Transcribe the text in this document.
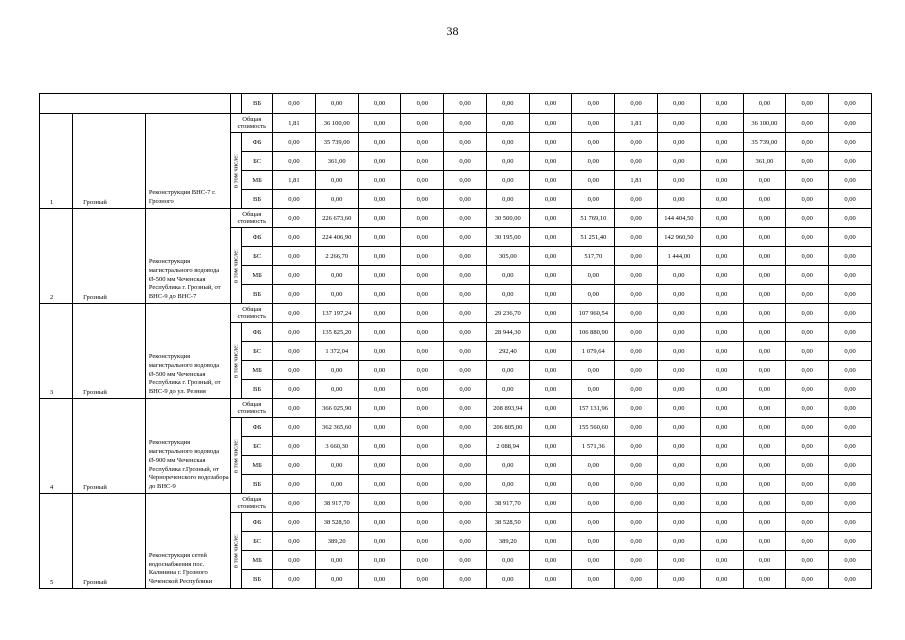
38
				ВБ	0,00	0,00	0,00	0,00	0,00	0,00	0,00	0,00	0,00	0,00	0,00	0,00	0,00	0,00
1	Грозный	Реконструкция ВНС-7 г. Грозного	Общая стоимость		1,81	36 100,00	0,00	0,00	0,00	0,00	0,00	0,00	1,81	0,00	0,00	36 100,00	0,00	0,00

			в том числе:	ФБ	0,00	35 739,00	0,00	0,00	0,00	0,00	0,00	0,00	0,00	0,00	0,00	35 739,00	0,00	0,00
				БС	0,00	361,00	0,00	0,00	0,00	0,00	0,00	0,00	0,00	0,00	0,00	361,00	0,00	0,00
				МБ	1,81	0,00	0,00	0,00	0,00	0,00	0,00	0,00	1,81	0,00	0,00	0,00	0,00	0,00
				ВБ	0,00	0,00	0,00	0,00	0,00	0,00	0,00	0,00	0,00	0,00	0,00	0,00	0,00	0,00
2	Грозный	Реконструкция магистрального водовода Ø-500 мм Чеченская Республика г. Грозный, от ВНС-9 до ВНС-7	Общая стоимость		0,00	226 673,60	0,00	0,00	0,00	30 500,00	0,00	51 769,10	0,00	144 404,50	0,00	0,00	0,00	0,00

			в том числе:	ФБ	0,00	224 406,90	0,00	0,00	0,00	30 195,00	0,00	51 251,40	0,00	142 960,50	0,00	0,00	0,00	0,00
				БС	0,00	2 266,70	0,00	0,00	0,00	305,00	0,00	517,70	0,00	1 444,00	0,00	0,00	0,00	0,00
				МБ	0,00	0,00	0,00	0,00	0,00	0,00	0,00	0,00	0,00	0,00	0,00	0,00	0,00	0,00
				ВБ	0,00	0,00	0,00	0,00	0,00	0,00	0,00	0,00	0,00	0,00	0,00	0,00	0,00	0,00
3	Грозный	Реконструкция магистрального водовода Ø-500 мм Чеченская Республика г. Грозный, от ВНС-9 до ул. Резния	Общая стоимость		0,00	137 197,24	0,00	0,00	0,00	29 236,70	0,00	107 960,54	0,00	0,00	0,00	0,00	0,00	0,00

			в том числе:	ФБ	0,00	135 825,20	0,00	0,00	0,00	28 944,30	0,00	106 880,90	0,00	0,00	0,00	0,00	0,00	0,00
				БС	0,00	1 372,04	0,00	0,00	0,00	292,40	0,00	1 079,64	0,00	0,00	0,00	0,00	0,00	0,00
				МБ	0,00	0,00	0,00	0,00	0,00	0,00	0,00	0,00	0,00	0,00	0,00	0,00	0,00	0,00
				ВБ	0,00	0,00	0,00	0,00	0,00	0,00	0,00	0,00	0,00	0,00	0,00	0,00	0,00	0,00
4	Грозный	Реконструкция магистрального водовода Ø-900 мм Чеченская Республика г.Грозный, от Чернореченского водозабора до ВНС-9	Общая стоимость		0,00	366 025,90	0,00	0,00	0,00	208 893,94	0,00	157 131,96	0,00	0,00	0,00	0,00	0,00	0,00

			в том числе:	ФБ	0,00	362 365,60	0,00	0,00	0,00	206 805,00	0,00	155 560,60	0,00	0,00	0,00	0,00	0,00	0,00
				БС	0,00	3 660,30	0,00	0,00	0,00	2 088,94	0,00	1 571,36	0,00	0,00	0,00	0,00	0,00	0,00
				МБ	0,00	0,00	0,00	0,00	0,00	0,00	0,00	0,00	0,00	0,00	0,00	0,00	0,00	0,00
				ВБ	0,00	0,00	0,00	0,00	0,00	0,00	0,00	0,00	0,00	0,00	0,00	0,00	0,00	0,00
5	Грозный	Реконструкция сетей водоснабжения пос. Калинина г. Грозного Чеченской Республики	Общая стоимость		0,00	38 917,70	0,00	0,00	0,00	38 917,70	0,00	0,00	0,00	0,00	0,00	0,00	0,00	0,00

			в том числе:	ФБ	0,00	38 528,50	0,00	0,00	0,00	38 528,50	0,00	0,00	0,00	0,00	0,00	0,00	0,00	0,00
				БС	0,00	389,20	0,00	0,00	0,00	389,20	0,00	0,00	0,00	0,00	0,00	0,00	0,00	0,00
				МБ	0,00	0,00	0,00	0,00	0,00	0,00	0,00	0,00	0,00	0,00	0,00	0,00	0,00	0,00
				ВБ	0,00	0,00	0,00	0,00	0,00	0,00	0,00	0,00	0,00	0,00	0,00	0,00	0,00	0,00
